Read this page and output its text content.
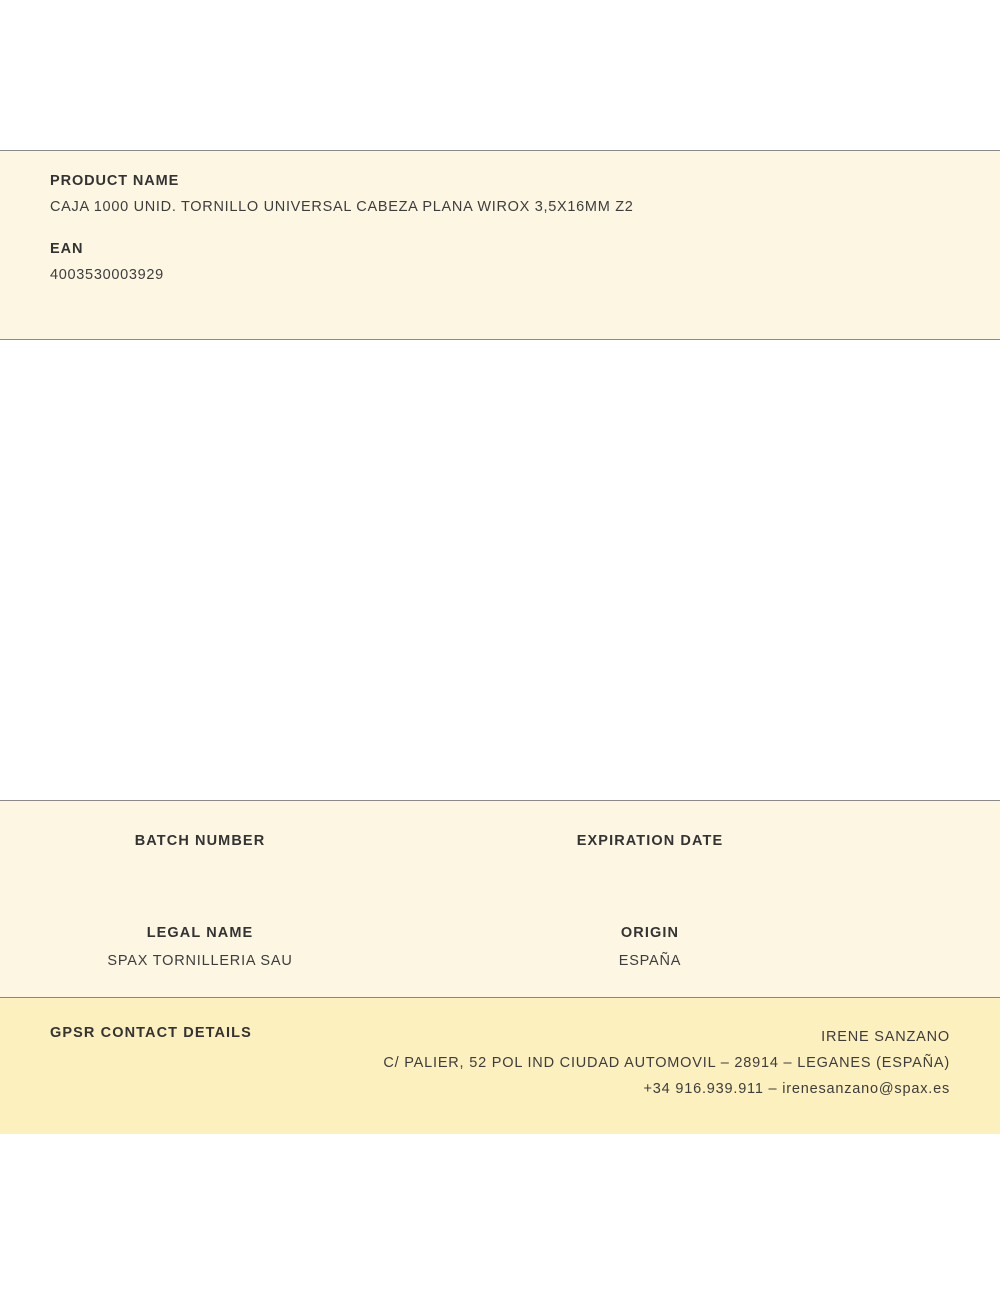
PRODUCT NAME
CAJA 1000 UNID. TORNILLO UNIVERSAL CABEZA PLANA WIROX 3,5X16MM Z2
EAN
4003530003929
BATCH NUMBER	EXPIRATION DATE
LEGAL NAME	ORIGIN
SPAX TORNILLERIA SAU	ESPAÑA
GPSR CONTACT DETAILS	IRENE SANZANO
C/ PALIER, 52 POL IND CIUDAD AUTOMOVIL – 28914 – LEGANES (ESPAÑA)
+34 916.939.911 – irenesanzano@spax.es
